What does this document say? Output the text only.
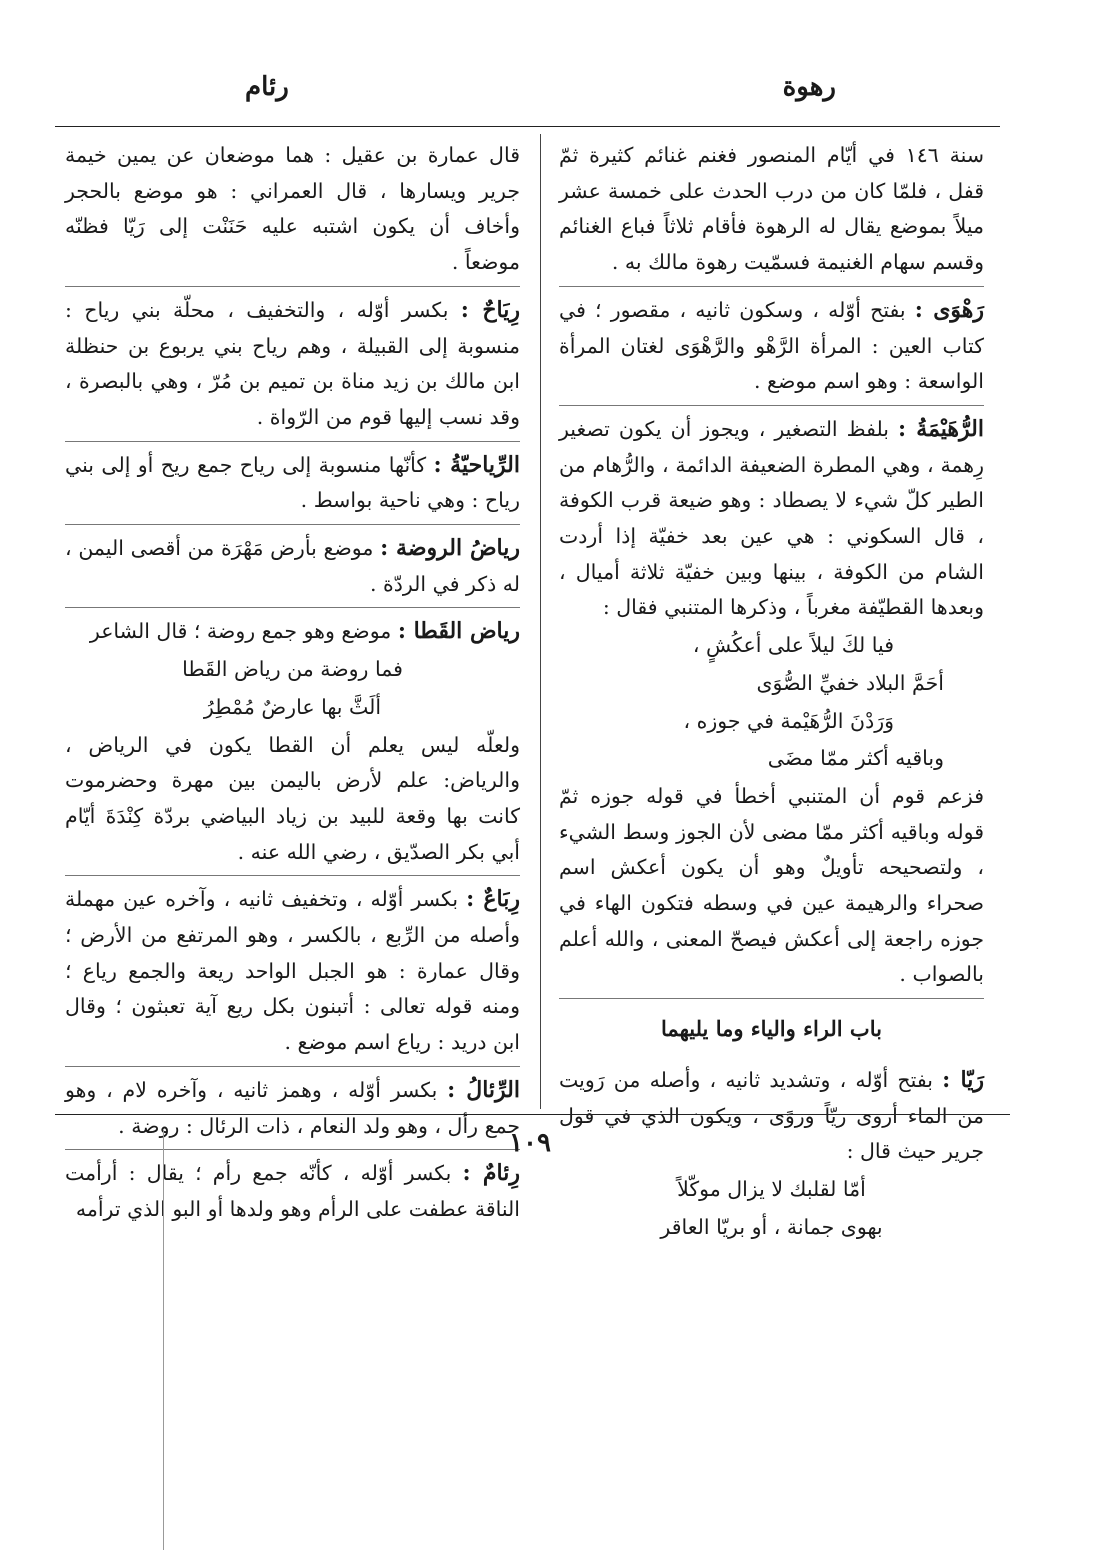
رهوة
رئام

سنة ١٤٦ في أيّام المنصور فغنم غنائم كثيرة ثمّ قفل ، فلمّا كان من درب الحدث على خمسة عشر ميلاً بموضع يقال له الرهوة فأقام ثلاثاً فباع الغنائم وقسم سهام الغنيمة فسمّيت رهوة مالك به .

رَهْوَى : بفتح أوّله ، وسكون ثانيه ، مقصور ؛ في كتاب العين : المرأة الرَّهْو والرَّهْوَى لغتان المرأة الواسعة : وهو اسم موضع .

الرُّهَيْمَةُ : بلفظ التصغير ، ويجوز أن يكون تصغير رِهمة ، وهي المطرة الضعيفة الدائمة ، والرُّهام من الطير كلّ شيء لا يصطاد : وهو ضيعة قرب الكوفة ، قال السكوني : هي عين بعد خفيّة إذا أردت الشام من الكوفة ، بينها وبين خفيّة ثلاثة أميال ، وبعدها القطيّفة مغرباً ، وذكرها المتنبي فقال :

فيا لكَ ليلاً على أعكُشٍ ،
أحَمَّ البلاد خفيِّ الصُّوَى
وَرَدْنَ الرُّهَيْمة في جوزه ،
وباقيه أكثر ممّا مضَى

فزعم قوم أن المتنبي أخطأ في قوله جوزه ثمّ قوله وباقيه أكثر ممّا مضى لأن الجوز وسط الشيء ، ولتصحيحه تأويلٌ وهو أن يكون أعكش اسم صحراء والرهيمة عين في وسطه فتكون الهاء في جوزه راجعة إلى أعكش فيصحّ المعنى ، والله أعلم بالصواب .

باب الراء والياء وما يليهما

رَيّا : بفتح أوّله ، وتشديد ثانيه ، وأصله من رَويت من الماء أروى ريّاً وروًى ، ويكون الذي في قول جرير حيث قال :

أمّا لقلبك لا يزال موكّلاً
بهوى جمانة ، أو بريّا العاقر

قال عمارة بن عقيل : هما موضعان عن يمين خيمة جرير ويسارها ، قال العمراني : هو موضع بالحجر وأخاف أن يكون اشتبه عليه حَنَنْت إلى رَيّا فظنّه موضعاً .

رِيَاحٌ : بكسر أوّله ، والتخفيف ، محلّة بني رياح : منسوبة إلى القبيلة ، وهم رياح بني يربوع بن حنظلة ابن مالك بن زيد مناة بن تميم بن مُرّ ، وهي بالبصرة ، وقد نسب إليها قوم من الرّواة .

الرِّياحيّةُ : كأنّها منسوبة إلى رياح جمع ريح أو إلى بني رياح : وهي ناحية بواسط .

رياضُ الروضة : موضع بأرض مَهْرَة من أقصى اليمن ، له ذكر في الردّة .

رياض القَطا : موضع وهو جمع روضة ؛ قال الشاعر

فما روضة من رياض القَطا
ألَثَّ بها عارضٌ مُمْطِرُ

ولعلّه ليس يعلم أن القطا يكون في الرياض ، والرياض: علم لأرض باليمن بين مهرة وحضرموت كانت بها وقعة للبيد بن زياد البياضي بردّة كِنْدَةَ أيّام أبي بكر الصدّيق ، رضي الله عنه .

رِبَاعٌ : بكسر أوّله ، وتخفيف ثانيه ، وآخره عين مهملة وأصله من الرِّبع ، بالكسر ، وهو المرتفع من الأرض ؛ وقال عمارة : هو الجبل الواحد ريعة والجمع رياع ؛ ومنه قوله تعالى : أتبنون بكل ريع آية تعبثون ؛ وقال ابن دريد : رياع اسم موضع .

الرِّئالُ : بكسر أوّله ، وهمز ثانيه ، وآخره لام ، وهو جمع رأل ، وهو ولد النعام ، ذات الرئال : روضة .

رِئامٌ : بكسر أوّله ، كأنّه جمع رأم ؛ يقال : أرأمت الناقة عطفت على الرأم وهو ولدها أو البو الذي ترأمه

١٠٩
